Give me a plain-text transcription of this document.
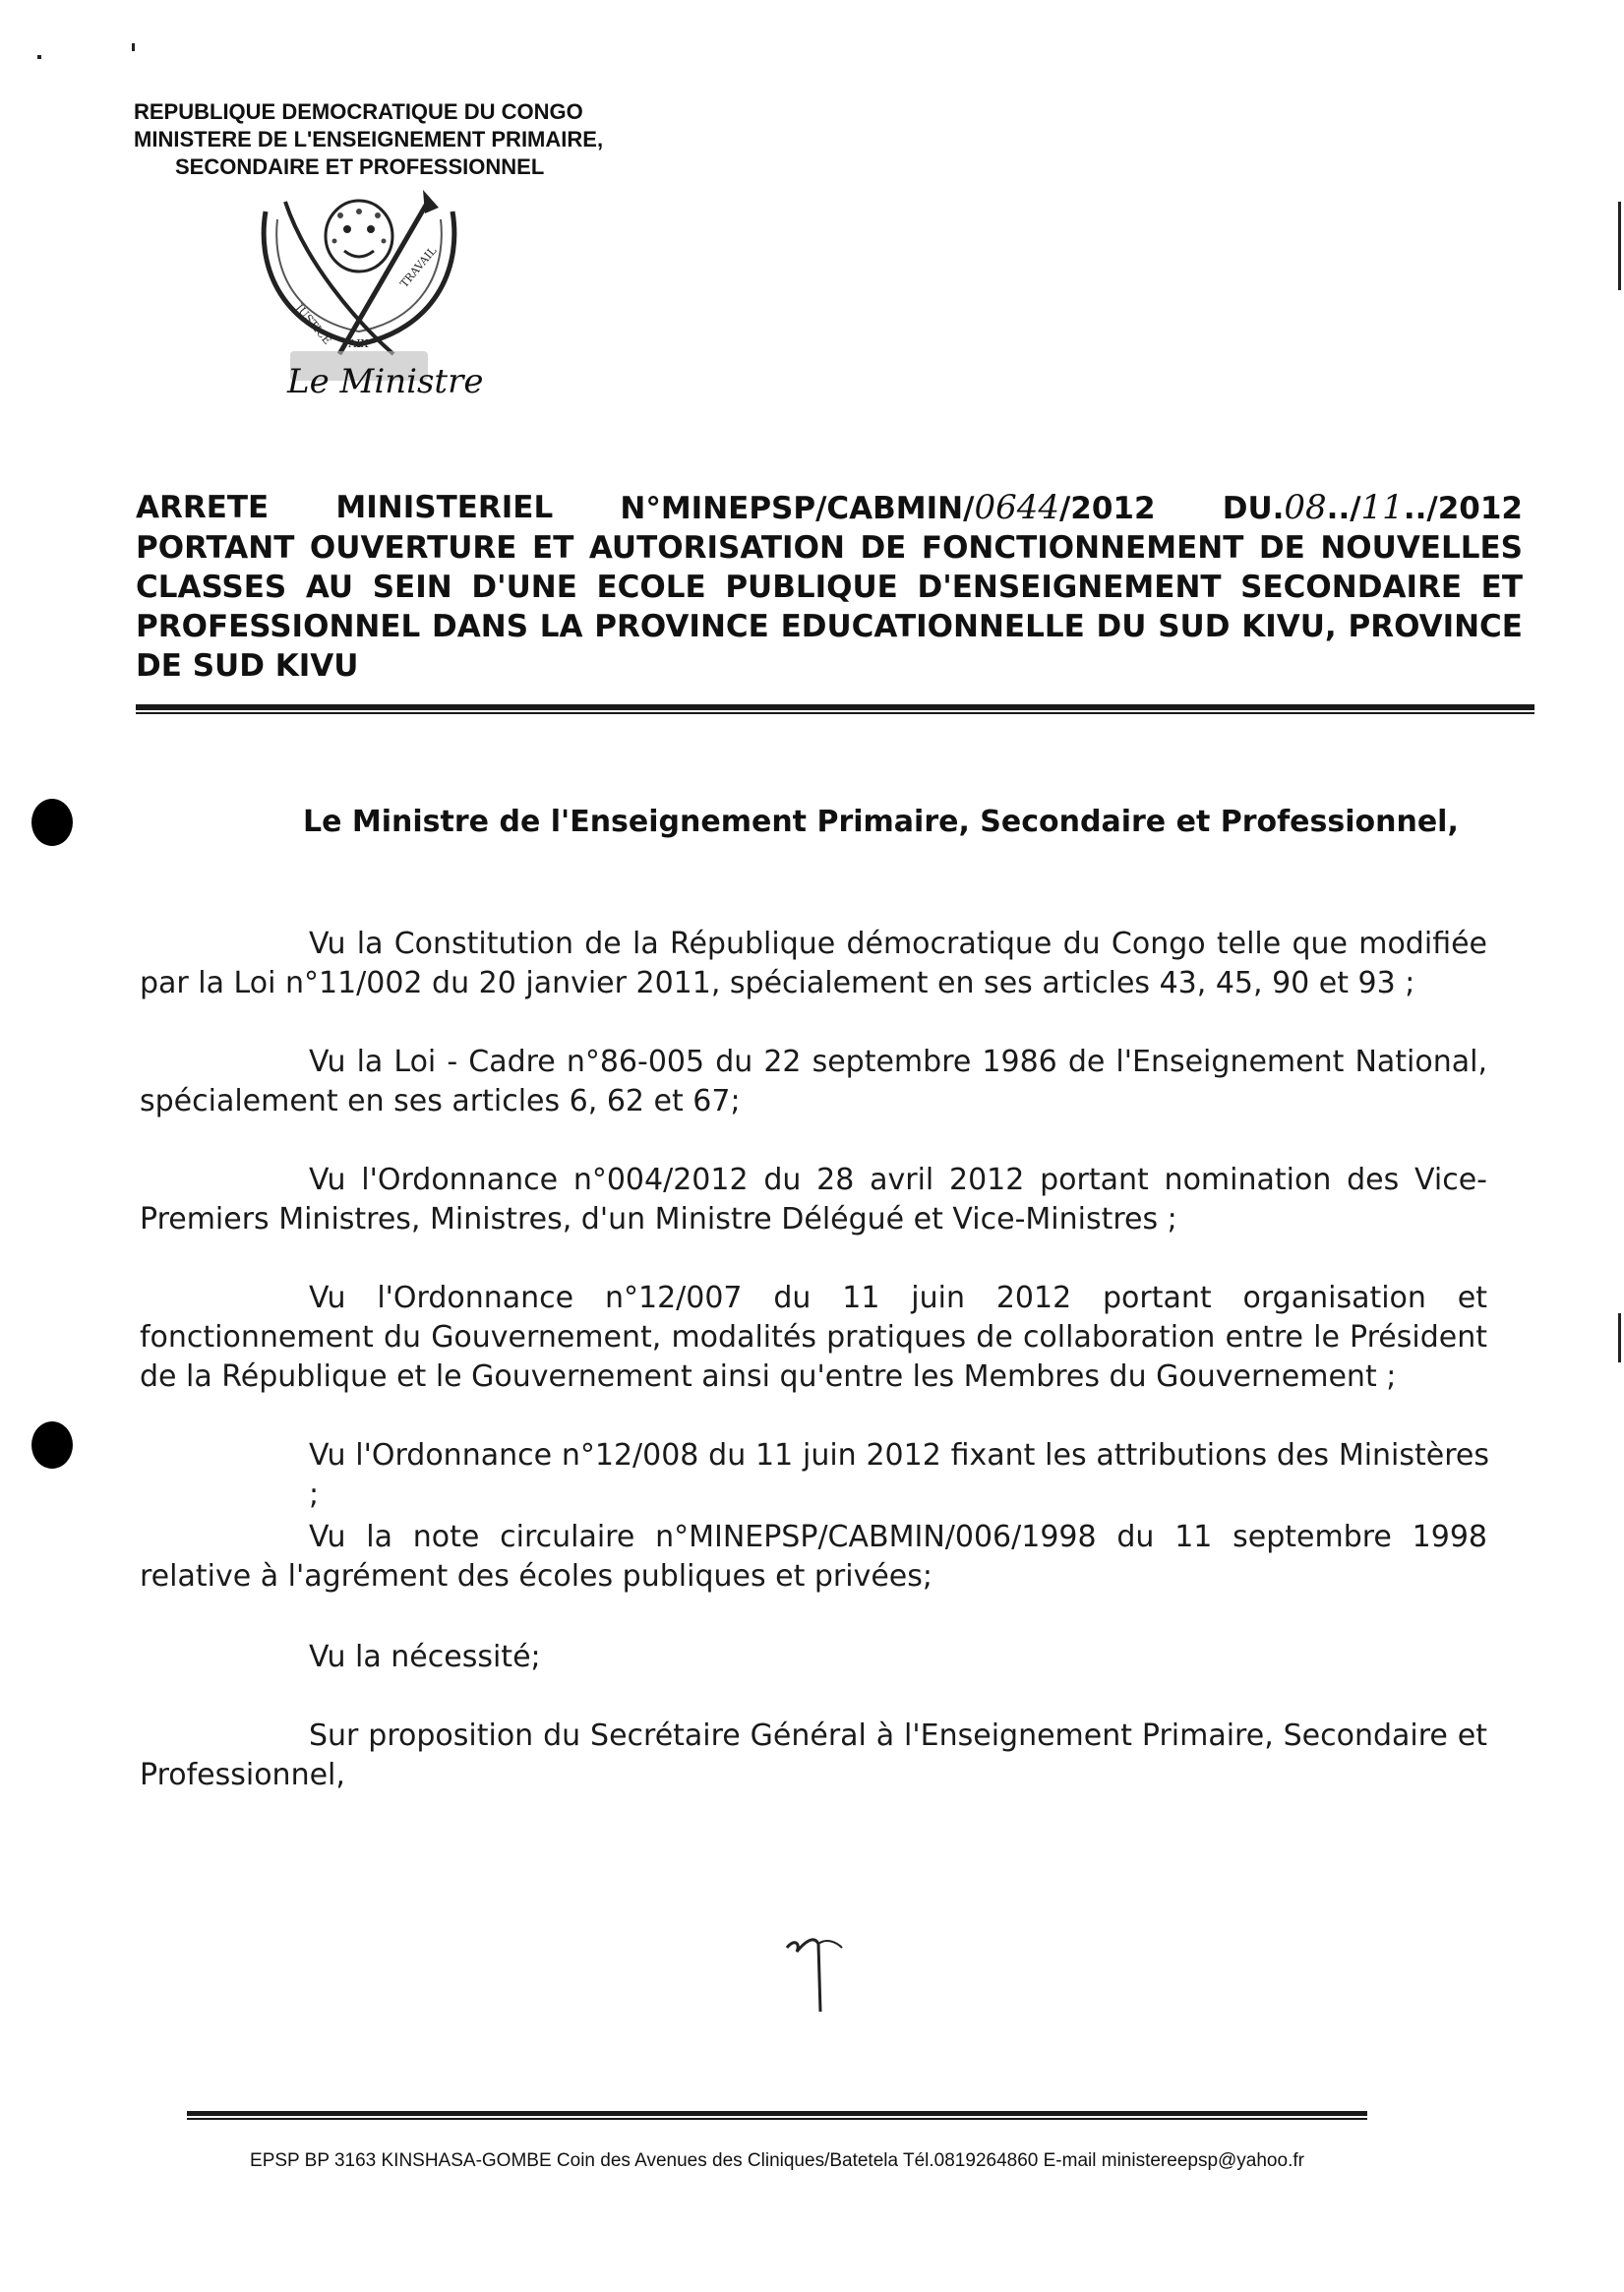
REPUBLIQUE DEMOCRATIQUE DU CONGO
MINISTERE DE L'ENSEIGNEMENT PRIMAIRE,
SECONDAIRE ET PROFESSIONNEL
JUSTICE
TRAVAIL
PAIX
Le Ministre
ARRETE MINISTERIEL N°MINEPSP/CABMIN/0644/2012 DU.08../11../2012
PORTANT OUVERTURE ET AUTORISATION DE FONCTIONNEMENT DE NOUVELLES
CLASSES AU SEIN D'UNE ECOLE PUBLIQUE D'ENSEIGNEMENT SECONDAIRE ET
PROFESSIONNEL DANS LA PROVINCE EDUCATIONNELLE DU SUD KIVU, PROVINCE
DE SUD KIVU
Le Ministre de l'Enseignement Primaire, Secondaire et Professionnel,
Vu la Constitution de la République démocratique du Congo telle que modifiée par la Loi n°11/002 du 20 janvier 2011, spécialement en ses articles 43, 45, 90 et 93 ;
Vu la Loi - Cadre n°86-005 du 22 septembre 1986 de l'Enseignement National, spécialement en ses articles 6, 62 et 67;
Vu l'Ordonnance n°004/2012 du 28 avril 2012 portant nomination des Vice-Premiers Ministres, Ministres, d'un Ministre Délégué et Vice-Ministres ;
Vu l'Ordonnance n°12/007 du 11 juin 2012 portant organisation et fonctionnement du Gouvernement, modalités pratiques de collaboration entre le Président de la République et le Gouvernement ainsi qu'entre les Membres du Gouvernement ;
Vu l'Ordonnance n°12/008 du 11 juin 2012 fixant les attributions des Ministères ;
Vu la note circulaire n°MINEPSP/CABMIN/006/1998 du 11 septembre 1998 relative à l'agrément des écoles publiques et privées;
Vu la nécessité;
Sur proposition du Secrétaire Général à l'Enseignement Primaire, Secondaire et Professionnel,
EPSP BP 3163 KINSHASA-GOMBE Coin des Avenues des Cliniques/Batetela Tél.0819264860 E-mail ministereepsp@yahoo.fr
